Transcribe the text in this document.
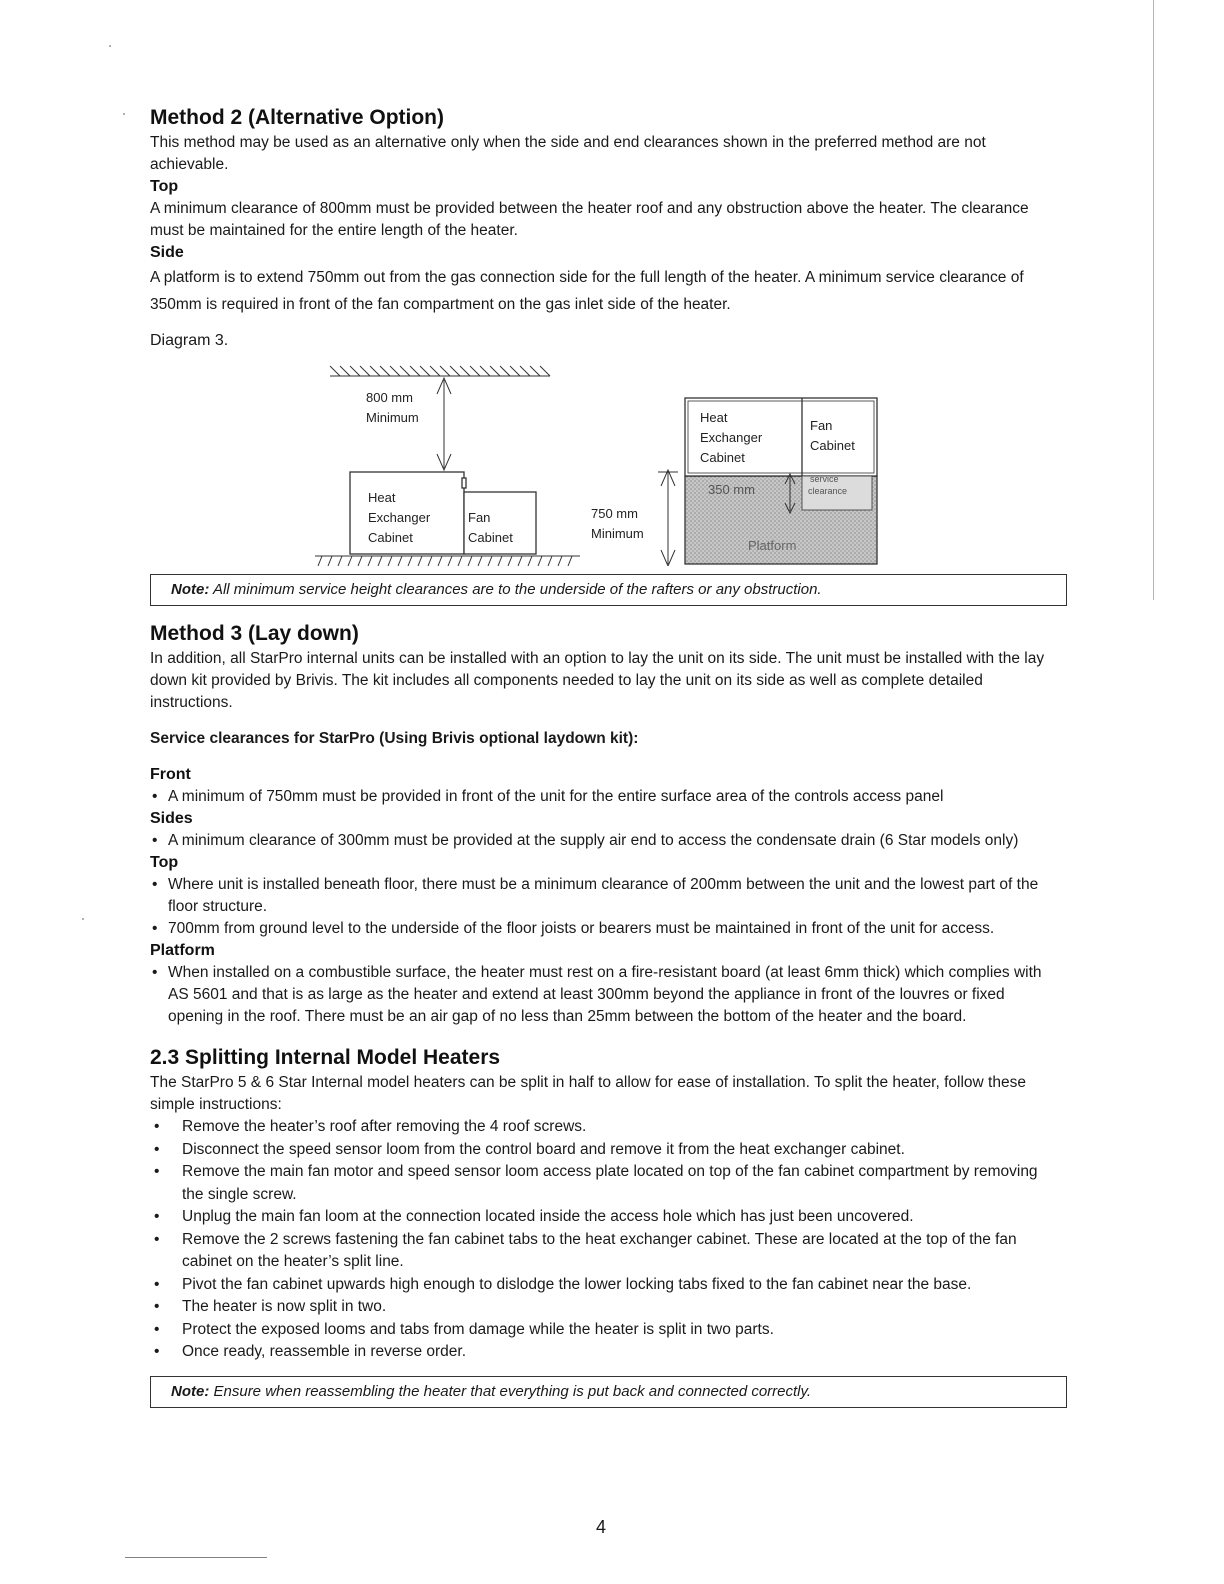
Method 2 (Alternative Option)

This method may be used as an alternative only when the side and end clearances shown in the preferred method are not achievable.

Top

A minimum clearance of 800mm must be provided between the heater roof and any obstruction above the heater. The clearance must be maintained for the entire length of the heater.

Side

A platform is to extend 750mm out from the gas connection side for the full length of the heater. A minimum service clearance of 350mm is required in front of the fan compartment on the gas inlet side of the heater.

Diagram 3.

800 mm
Minimum
Heat
Exchanger
Cabinet
Fan
Cabinet
750 mm
Minimum
Heat
Exchanger
Cabinet
Fan
Cabinet
350 mm
service
clearance
Platform
Note: All minimum service height clearances are to the underside of the rafters or any obstruction.
Method 3 (Lay down)

In addition, all StarPro internal units can be installed with an option to lay the unit on its side. The unit must be installed with the lay down kit provided by Brivis. The kit includes all components needed to lay the unit on its side as well as complete detailed instructions.

Service clearances for StarPro (Using Brivis optional laydown kit):

Front

• A minimum of 750mm must be provided in front of the unit for the entire surface area of the controls access panel

Sides

• A minimum clearance of 300mm must be provided at the supply air end to access the condensate drain (6 Star models only)

Top

• Where unit is installed beneath floor, there must be a minimum clearance of 200mm between the unit and the lowest part of the floor structure.
• 700mm from ground level to the underside of the floor joists or bearers must be maintained in front of the unit for access.

Platform

• When installed on a combustible surface, the heater must rest on a fire-resistant board (at least 6mm thick) which complies with AS 5601 and that is as large as the heater and extend at least 300mm beyond the appliance in front of the louvres or fixed opening in the roof. There must be an air gap of no less than 25mm between the bottom of the heater and the board.
2.3 Splitting Internal Model Heaters

The StarPro 5 & 6 Star Internal model heaters can be split in half to allow for ease of installation. To split the heater, follow these simple instructions:

• Remove the heater’s roof after removing the 4 roof screws.
• Disconnect the speed sensor loom from the control board and remove it from the heat exchanger cabinet.
• Remove the main fan motor and speed sensor loom access plate located on top of the fan cabinet compartment by removing the single screw.
• Unplug the main fan loom at the connection located inside the access hole which has just been uncovered.
• Remove the 2 screws fastening the fan cabinet tabs to the heat exchanger cabinet. These are located at the top of the fan cabinet on the heater’s split line.
• Pivot the fan cabinet upwards high enough to dislodge the lower locking tabs fixed to the fan cabinet near the base.
• The heater is now split in two.
• Protect the exposed looms and tabs from damage while the heater is split in two parts.
• Once ready, reassemble in reverse order.
Note: Ensure when reassembling the heater that everything is put back and connected correctly.
4
